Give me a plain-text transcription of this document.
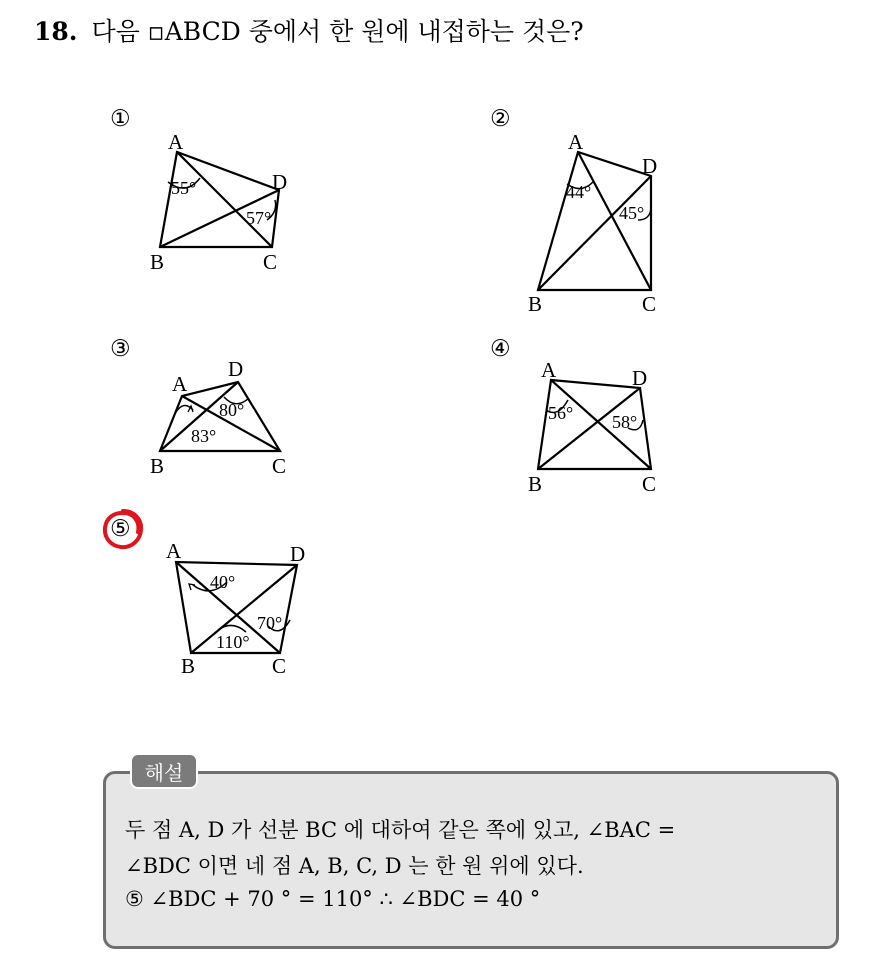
18. 다음 ▫ABCD 중에서 한 원에 내접하는 것은?
①
A
B	C
D
55°
57°
②
A
B	C
D
44°
45°
③
A
B	C
D
80°
83°
④
A
B	C
D
56° 58°
⑤
A
B	C
D
40°
70°
110°
해설
두 점 A, D 가 선분 BC 에 대하여 같은 쪽에 있고, ∠BAC =
∠BDC 이면 네 점 A, B, C, D 는 한 원 위에 있다.
⑤ ∠BDC + 70 ° = 110° ∴ ∠BDC = 40 °
